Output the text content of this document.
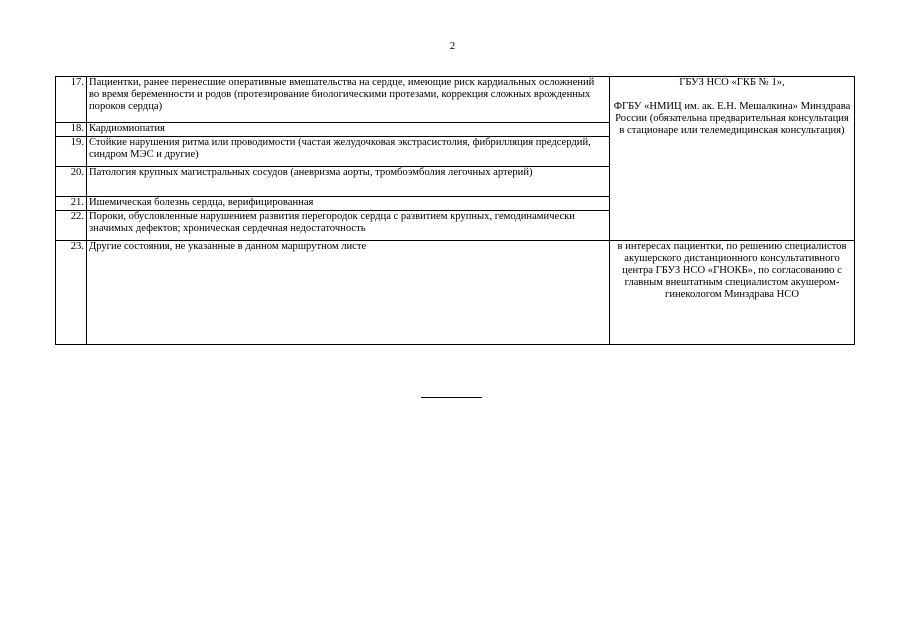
2
17.	Пациентки, ранее перенесшие оперативные вмешательства на сердце, имеющие риск кардиальных осложнений во время беременности и родов (протезирование биологическими протезами, коррекция сложных врожденных пороков сердца)	ГБУЗ НСО «ГКБ № 1»,
ФГБУ «НМИЦ им. ак. Е.Н. Мешалкина» Минздрава России (обязательна предварительная консультация в стационаре или телемедицинская консультация)

18.	Кардиомиопатия	
19.	Стойкие нарушения ритма или проводимости (частая желудочковая экстрасистолия, фибрилляция предсердий, синдром МЭС и другие)	
20.	Патология крупных магистральных сосудов (аневризма аорты, тромбоэмболия легочных артерий)	
21.	Ишемическая болезнь сердца, верифицированная	
22.	Пороки, обусловленные нарушением развития перегородок сердца с развитием крупных, гемодинамически значимых дефектов; хроническая сердечная недостаточность	
23.	Другие состояния, не указанные в данном маршрутном листе	в интересах пациентки, по решению специалистов акушерского дистанционного консультативного центра ГБУЗ НСО «ГНОКБ», по согласованию с главным внештатным специалистом акушером-гинекологом Минздрава НСО
